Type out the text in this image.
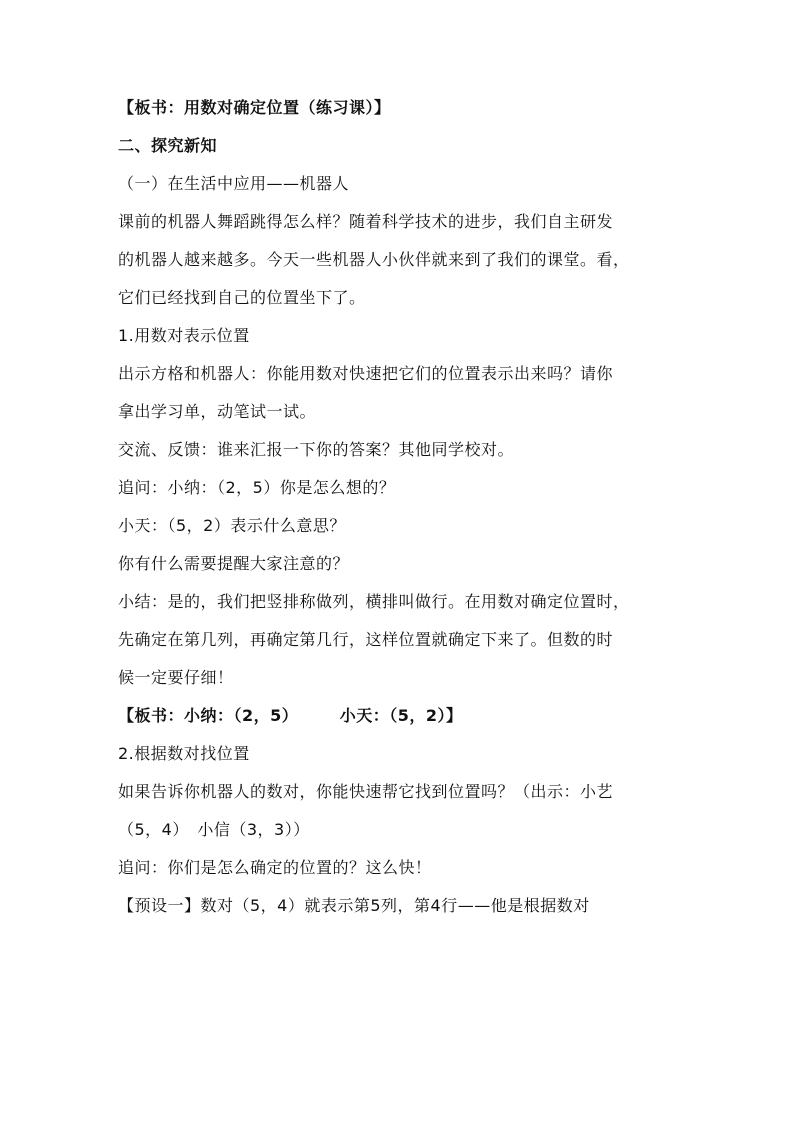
【板书：用数对确定位置（练习课）】
二、探究新知
（一）在生活中应用——机器人
课前的机器人舞蹈跳得怎么样？随着科学技术的进步，我们自主研发
的机器人越来越多。今天一些机器人小伙伴就来到了我们的课堂。看，
它们已经找到自己的位置坐下了。
1.用数对表示位置
出示方格和机器人：你能用数对快速把它们的位置表示出来吗？请你
拿出学习单，动笔试一试。
交流、反馈：谁来汇报一下你的答案？其他同学校对。
追问：小纳：（2，5）你是怎么想的？
小天：（5，2）表示什么意思？
你有什么需要提醒大家注意的？
小结：是的，我们把竖排称做列，横排叫做行。在用数对确定位置时，
先确定在第几列，再确定第几行，这样位置就确定下来了。但数的时
候一定要仔细！
【板书：小纳：（2，5）　　　小天：（5，2）】
2.根据数对找位置
如果告诉你机器人的数对，你能快速帮它找到位置吗？（出示：小艺
（5，4）　小信（3，3））
追问：你们是怎么确定的位置的？这么快！
【预设一】数对（5，4）就表示第5列，第4行——他是根据数对
